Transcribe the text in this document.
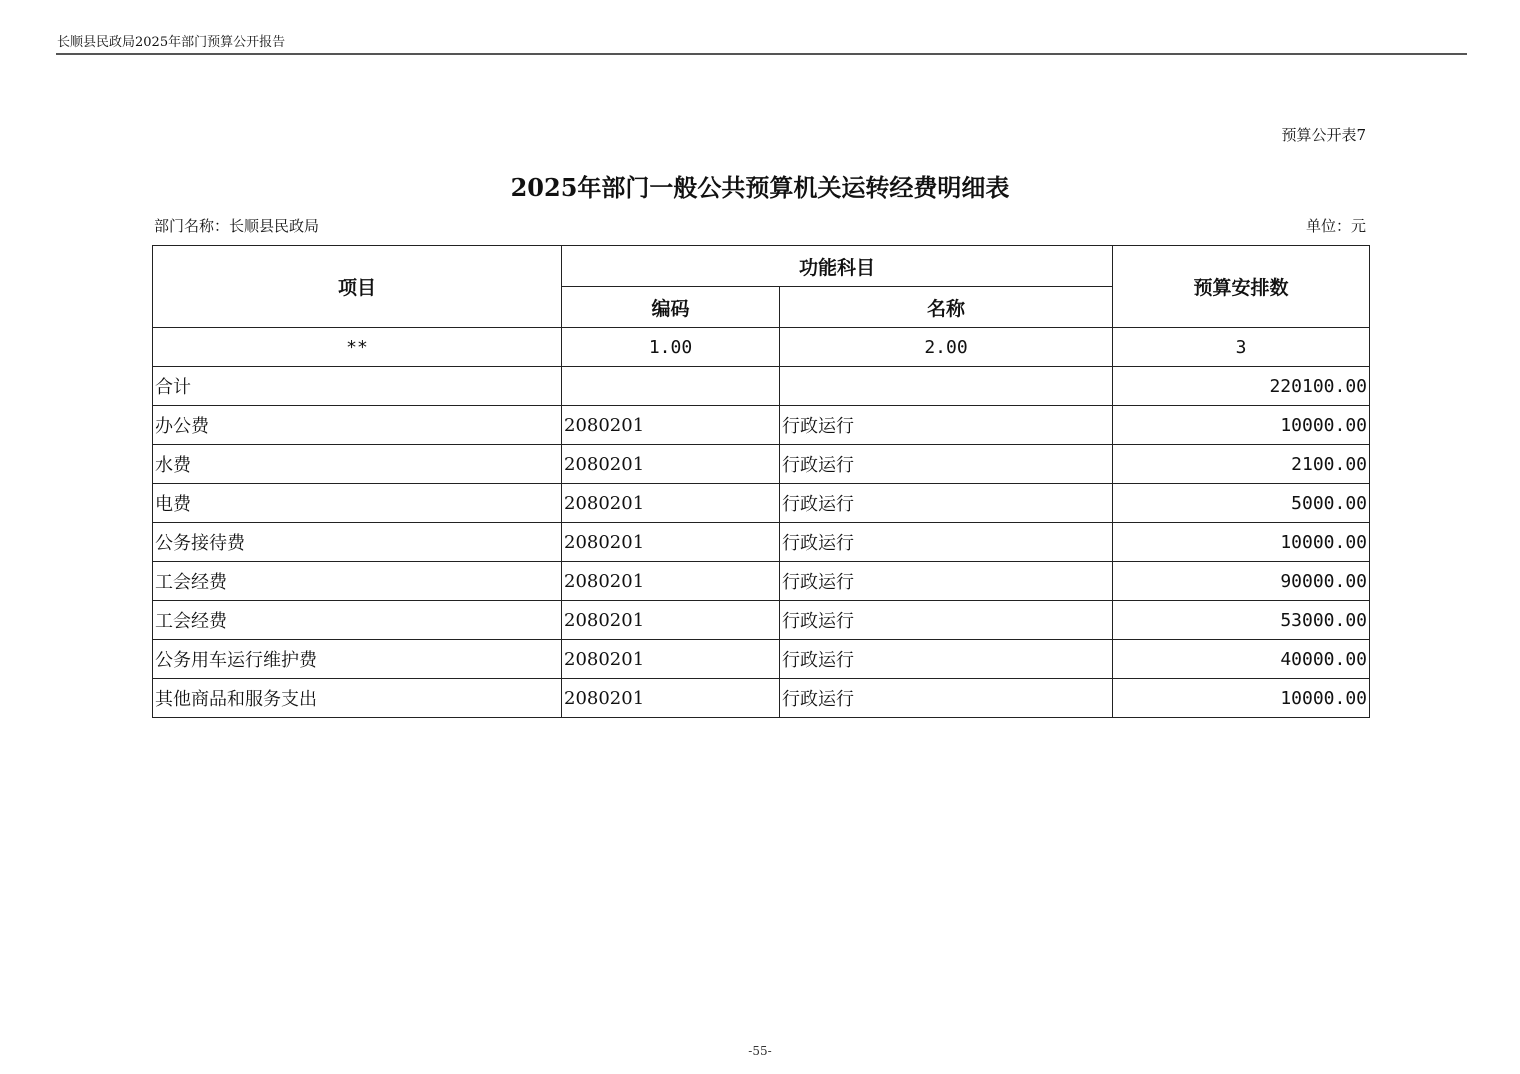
长顺县民政局2025年部门预算公开报告
预算公开表7
2025年部门一般公共预算机关运转经费明细表
部门名称：长顺县民政局	单位：元
项目	功能科目		预算安排数
	编码	名称	
**	1.00	2.00	3
合计			220100.00
办公费	2080201	行政运行	10000.00
水费	2080201	行政运行	2100.00
电费	2080201	行政运行	5000.00
公务接待费	2080201	行政运行	10000.00
工会经费	2080201	行政运行	90000.00
工会经费	2080201	行政运行	53000.00
公务用车运行维护费	2080201	行政运行	40000.00
其他商品和服务支出	2080201	行政运行	10000.00
-55-
